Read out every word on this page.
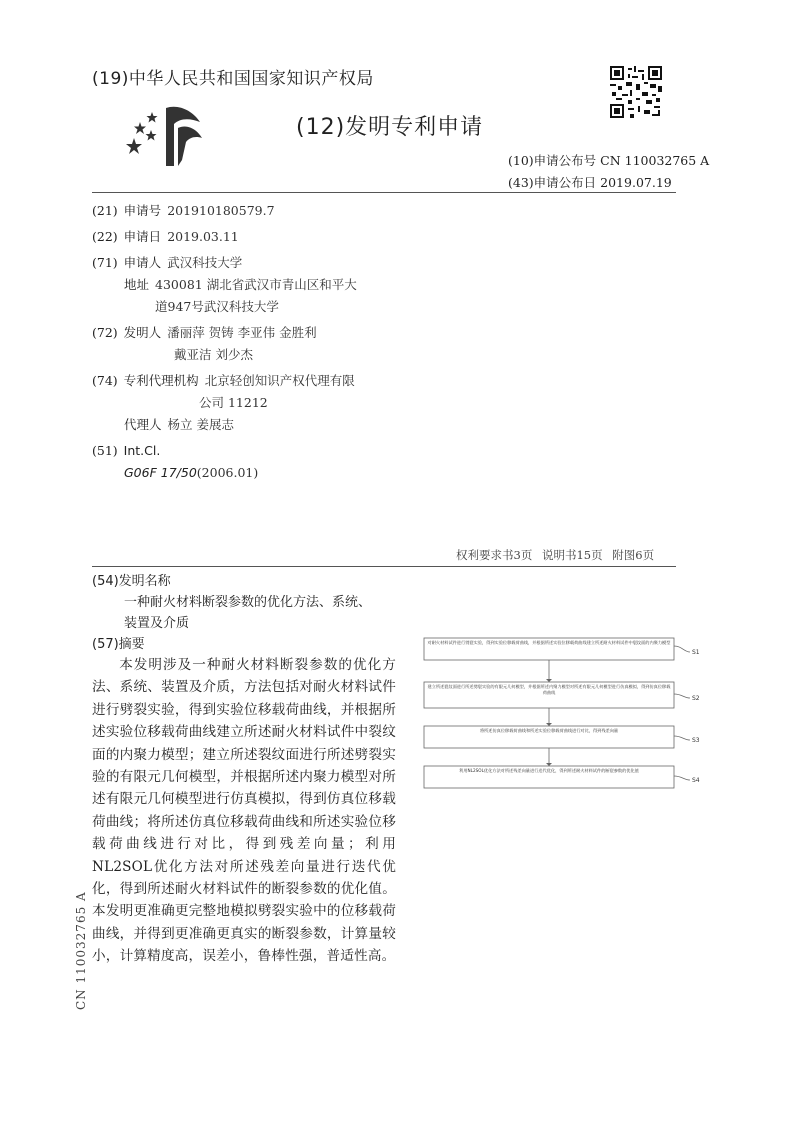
(19)中华人民共和国国家知识产权局
(12)发明专利申请
(10)申请公布号 CN 110032765 A
(43)申请公布日 2019.07.19
(21) 申请号 201910180579.7
(22) 申请日 2019.03.11
(71) 申请人 武汉科技大学
地址 430081 湖北省武汉市青山区和平大
道947号武汉科技大学
(72) 发明人 潘丽萍 贺铸 李亚伟 金胜利
戴亚洁 刘少杰
(74) 专利代理机构 北京轻创知识产权代理有限
公司 11212
代理人 杨立 姜展志
(51) Int.Cl.
G06F 17/50 (2006.01)
权利要求书3页 说明书15页 附图6页
(54)发明名称
一种耐火材料断裂参数的优化方法、系统、
装置及介质
(57)摘要
本发明涉及一种耐火材料断裂参数的优化方法、系统、装置及介质，方法包括对耐火材料试件进行劈裂实验，得到实验位移载荷曲线，并根据所述实验位移载荷曲线建立所述耐火材料试件中裂纹面的内聚力模型；建立所述裂纹面进行所述劈裂实验的有限元几何模型，并根据所述内聚力模型对所述有限元几何模型进行仿真模拟，得到仿真位移载荷曲线；将所述仿真位移载荷曲线和所述实验位移载荷曲线进行对比，得到残差向量；利用NL2SOL优化方法对所述残差向量进行迭代优化，得到所述耐火材料试件的断裂参数的优化值。本发明更准确更完整地模拟劈裂实验中的位移载荷曲线，并得到更准确更真实的断裂参数，计算量较小，计算精度高，误差小，鲁棒性强，普适性高。
CN 110032765 A
对耐火材料试件进行劈裂实验，得到实验位移载荷曲线，并根据所述实验位移载荷曲线建立所述耐火材料试件中裂纹面的内聚力模型
建立所述裂纹面进行所述劈裂实验的有限元几何模型，并根据所述内聚力模型对所述有限元几何模型进行仿真模拟，得到仿真位移载荷曲线
将所述仿真位移载荷曲线和所述实验位移载荷曲线进行对比，得到残差向量
利用NL2SOL优化方法对所述残差向量进行迭代优化，得到所述耐火材料试件的断裂参数的优化值
S1
S2
S3
S4
